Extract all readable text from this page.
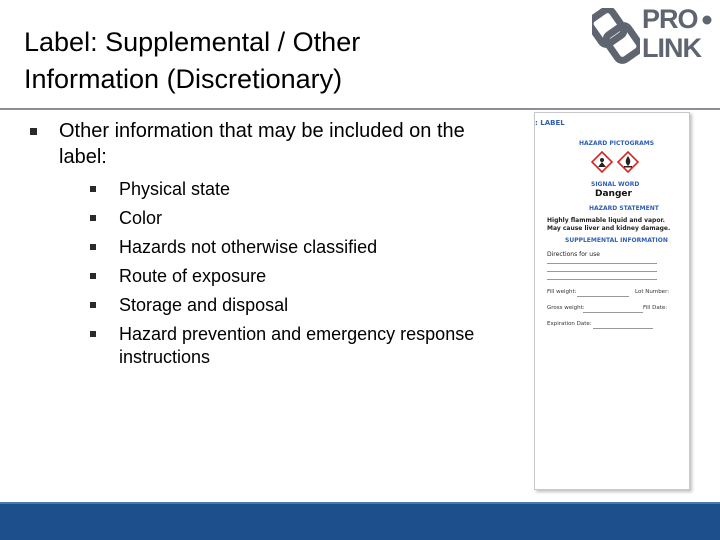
Label: Supplemental / Other
Information (Discretionary)
PRO
LINK
Other information that may be included on the label:
Physical state
Color
Hazards not otherwise classified
Route of exposure
Storage and disposal
Hazard prevention and emergency response instructions
: LABEL
HAZARD PICTOGRAMS
SIGNAL WORD
Danger
HAZARD STATEMENT
Highly flammable liquid and vapor.
May cause liver and kidney damage.
SUPPLEMENTAL INFORMATION
Directions for use
Fill weight:	Lot Number:
Gross weight:	Fill Date:
Expiration Date:
